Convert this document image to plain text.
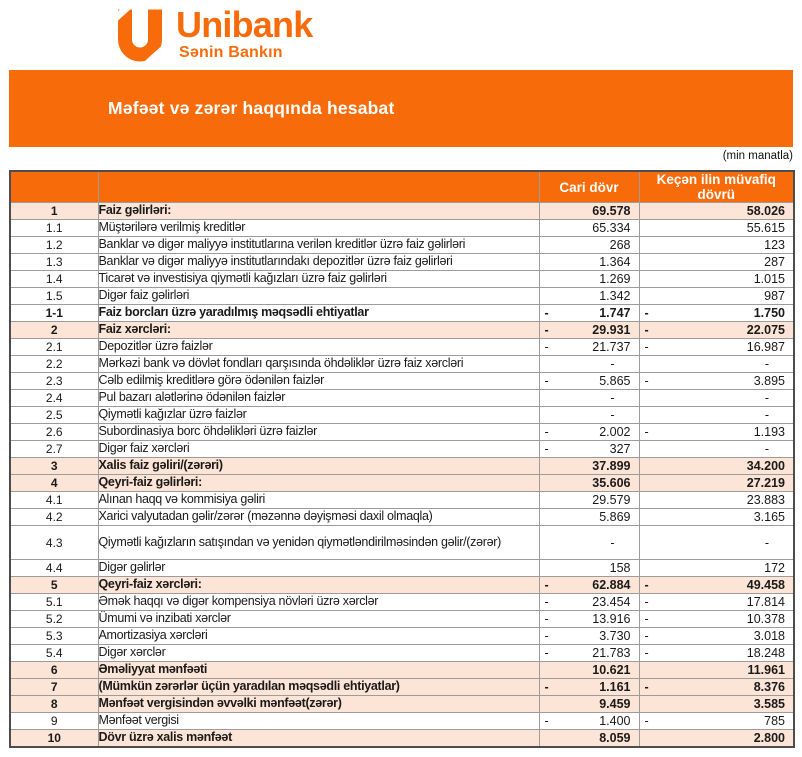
Unibank
Sənin Bankın
Məfəət və zərər haqqında hesabat
(min manatla)
		Cari dövr	Keçən ilin müvafiq dövrü
1	Faiz gəlirləri:	69.578	58.026

1.1	Müştərilərə verilmiş kreditlər	65.334	55.615

1.2	Banklar və digər maliyyə institutlarına verilən kreditlər üzrə faiz gəlirləri	268	123

1.3	Banklar və digər maliyyə institutlarındakı depozitlər üzrə faiz gəlirləri	1.364	287

1.4	Ticarət və investisiya qiymətli kağızları üzrə faiz gəlirləri	1.269	1.015

1.5	Digər faiz gəlirləri	1.342	987

1-1	Faiz borcları üzrə yaradılmış məqsədli ehtiyatlar	- 1.747	- 1.750

2	Faiz xərcləri:	- 29.931	- 22.075

2.1	Depozitlər üzrə faizlər	- 21.737	- 16.987

2.2	Mərkəzi bank və dövlət fondları qarşısında öhdəliklər üzrə faiz xərcləri	-	-

2.3	Cəlb edilmiş kreditlərə görə ödənilən faizlər	- 5.865	- 3.895

2.4	Pul bazarı alətlərinə ödənilən faizlər	-	-

2.5	Qiymətli kağızlar üzrə faizlər	-	-

2.6	Subordinasiya borc öhdəlikləri üzrə faizlər	- 2.002	- 1.193

2.7	Digər faiz xərcləri	- 327	-

3	Xalis faiz gəliri/(zərəri)	37.899	34.200

4	Qeyri-faiz gəlirləri:	35.606	27.219

4.1	Alınan haqq və kommisiya gəliri	29.579	23.883

4.2	Xarici valyutadan gəlir/zərər (məzənnə dəyişməsi daxil olmaqla)	5.869	3.165

4.3	Qiymətli kağızların satışından və yenidən qiymətləndirilməsindən gəlir/(zərər)	-	-

4.4	Digər gəlirlər	158	172

5	Qeyri-faiz xərcləri:	- 62.884	- 49.458

5.1	Əmək haqqı və digər kompensiya növləri üzrə xərclər	- 23.454	- 17.814

5.2	Ümumi və inzibati xərclər	- 13.916	- 10.378

5.3	Amortizasiya xərcləri	- 3.730	- 3.018

5.4	Digər xərclər	- 21.783	- 18.248

6	Əməliyyat mənfəəti	10.621	11.961

7	(Mümkün zərərlər üçün yaradılan məqsədli ehtiyatlar)	- 1.161	- 8.376

8	Mənfəət vergisindən əvvəlki mənfəət(zərər)	9.459	3.585

9	Mənfəət vergisi	- 1.400	- 785

10	Dövr üzrə xalis mənfəət	8.059	2.800
